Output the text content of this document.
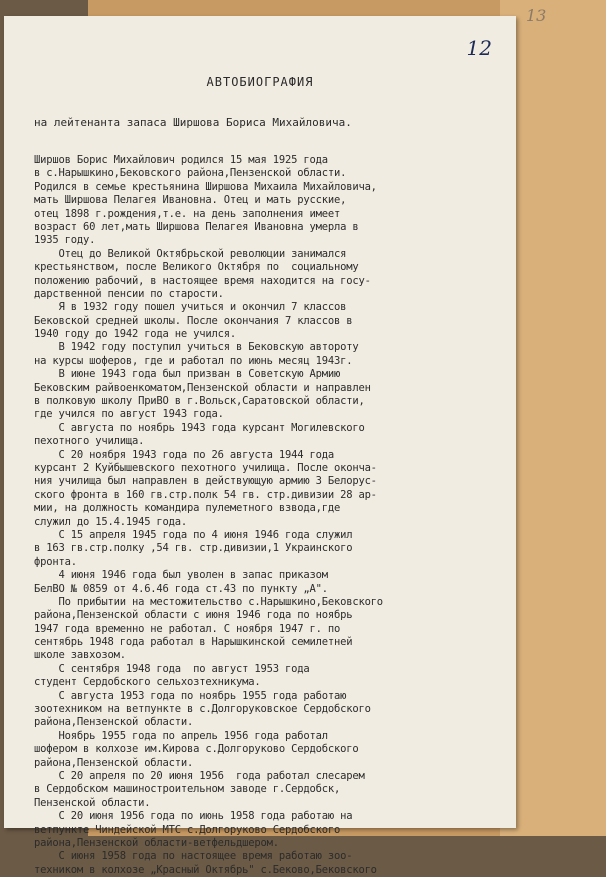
13
12
АВТОБИОГРАФИЯ
на лейтенанта запаса Ширшова Бориса Михайловича.
Ширшов Борис Михайлович родился 15 мая 1925 года
в с.Нарышкино,Бековского района,Пензенской области.
Родился в семье крестьянина Ширшова Михаила Михайловича,
мать Ширшова Пелагея Ивановна. Отец и мать русские,
отец 1898 г.рождения,т.е. на день заполнения имеет
возраст 60 лет,мать Ширшова Пелагея Ивановна умерла в
1935 году.
Отец до Великой Октябрьской революции занимался
крестьянством, после Великого Октября по  социальному
положению рабочий, в настоящее время находится на госу-
дарственной пенсии по старости.
Я в 1932 году пошел учиться и окончил 7 классов
Бековской средней школы. После окончания 7 классов в
1940 году до 1942 года не учился.
В 1942 году поступил учиться в Бековскую автороту
на курсы шоферов, где и работал по июнь месяц 1943г.
В июне 1943 года был призван в Советскую Армию
Бековским райвоенкоматом,Пензенской области и направлен
в полковую школу ПриВО в г.Вольск,Саратовской области,
где учился по август 1943 года.
С августа по ноябрь 1943 года курсант Могилевского
пехотного училища.
С 20 ноября 1943 года по 26 августа 1944 года
курсант 2 Куйбышевского пехотного училища. После оконча-
ния училища был направлен в действующую армию 3 Белорус-
ского фронта в 160 гв.стр.полк 54 гв. стр.дивизии 28 ар-
мии, на должность командира пулеметного взвода,где
служил до 15.4.1945 года.
С 15 апреля 1945 года по 4 июня 1946 года служил
в 163 гв.стр.полку ,54 гв. стр.дивизии,1 Украинского
фронта.
4 июня 1946 года был уволен в запас приказом
БелВО № 0859 от 4.6.46 года ст.43 по пункту „А".
По прибытии на местожительство с.Нарышкино,Бековского
района,Пензенской области с июня 1946 года по ноябрь
1947 года временно не работал. С ноября 1947 г. по
сентябрь 1948 года работал в Нарышкинской семилетней
школе завхозом.
С сентября 1948 года  по август 1953 года
студент Сердобского сельхозтехникума.
С августа 1953 года по ноябрь 1955 года работаю
зоотехником на ветпункте в с.Долгоруковское Сердобского
района,Пензенской области.
Ноябрь 1955 года по апрель 1956 года работал
шофером в колхозе им.Кирова с.Долгоруково Сердобского
района,Пензенской области.
С 20 апреля по 20 июня 1956  года работал слесарем
в Сердобском машиностроительном заводе г.Сердобск,
Пензенской области.
С 20 июня 1956 года по июнь 1958 года работаю на
ветпункте Чиндейской МТС с.Долгоруково Сердобского
района,Пензенской области-ветфельдшером.
С июня 1958 года по настоящее время работаю зоо-
техником в колхозе „Красный Октябрь" с.Беково,Бековского
